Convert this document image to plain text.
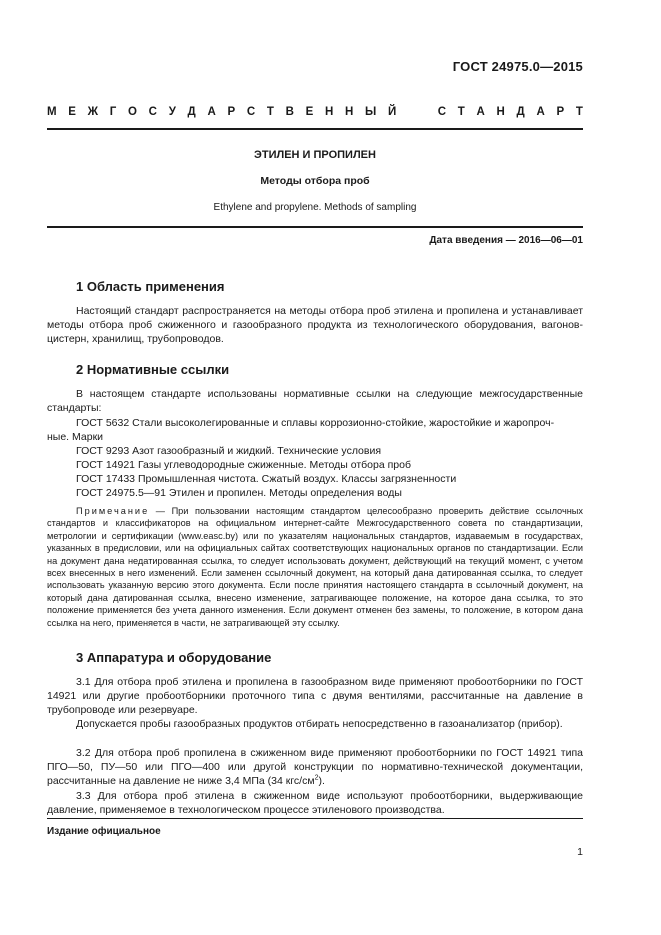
ГОСТ 24975.0—2015
М Е Ж Г О С У Д А Р С Т В Е Н Н Ы Й

	С Т А Н Д А Р Т
ЭТИЛЕН И ПРОПИЛЕН
Методы отбора проб
Ethylene and propylene. Methods of sampling
Дата введения — 2016—06—01
1 Область применения

Настоящий стандарт распространяется на методы отбора проб этилена и пропилена и устанавливает методы отбора проб сжиженного и газообразного продукта из технологического оборудования, вагонов-цистерн, хранилищ, трубопроводов.

2 Нормативные ссылки

В настоящем стандарте использованы нормативные ссылки на следующие межгосударственные стандарты:

ГОСТ 5632 Стали высоколегированные и сплавы коррозионно-стойкие, жаростойкие и жаропроч-
ные. Марки
ГОСТ 9293 Азот газообразный и жидкий. Технические условия
ГОСТ 14921 Газы углеводородные сжиженные. Методы отбора проб
ГОСТ 17433 Промышленная чистота. Сжатый воздух. Классы загрязненности
ГОСТ 24975.5—91 Этилен и пропилен. Методы определения воды

Примечание — При пользовании настоящим стандартом целесообразно проверить действие ссылочных стандартов и классификаторов на официальном интернет-сайте Межгосударственного совета по стандартизации, метрологии и сертификации (www.easc.by) или по указателям национальных стандартов, издаваемым в государствах, указанных в предисловии, или на официальных сайтах соответствующих национальных органов по стандартизации. Если на документ дана недатированная ссылка, то следует использовать документ, действующий на текущий момент, с учетом всех внесенных в него изменений. Если заменен ссылочный документ, на который дана датированная ссылка, то следует использовать указанную версию этого документа. Если после принятия настоящего стандарта в ссылочный документ, на который дана датированная ссылка, внесено изменение, затрагивающее положение, на которое дана ссылка, то это положение применяется без учета данного изменения. Если документ отменен без замены, то положение, в котором дана ссылка на него, применяется в части, не затрагивающей эту ссылку.

3 Аппаратура и оборудование

3.1 Для отбора проб этилена и пропилена в газообразном виде применяют пробоотборники по ГОСТ 14921 или другие пробоотборники проточного типа с двумя вентилями, рассчитанные на давление в трубопроводе или резервуаре.

Допускается пробы газообразных продуктов отбирать непосредственно в газоанализатор (прибор).

3.2 Для отбора проб пропилена в сжиженном виде применяют пробоотборники по ГОСТ 14921 типа ПГО—50, ПУ—50 или ПГО—400 или другой конструкции по нормативно-технической документации, рассчитанные на давление не ниже 3,4 МПа (34 кгс/$см^2$).

3.3 Для отбора проб этилена в сжиженном виде используют пробоотборники, выдерживающие давление, применяемое в технологическом процессе этиленового производства.

Издание официальное
1
